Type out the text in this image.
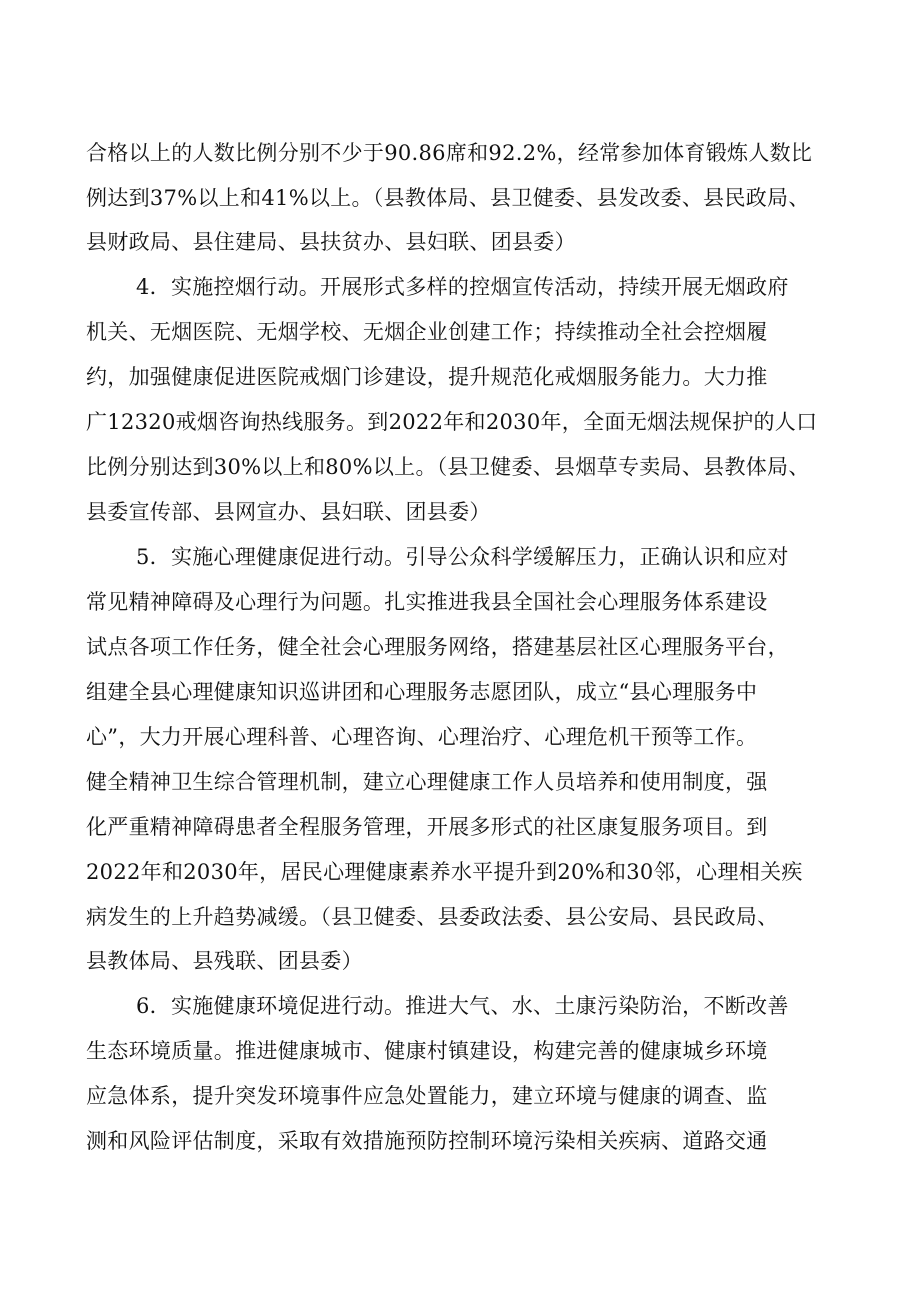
合格以上的人数比例分别不少于90.86席和92.2%，经常参加体育锻炼人数比
例达到37%以上和41%以上。（县教体局、县卫健委、县发改委、县民政局、
县财政局、县住建局、县扶贫办、县妇联、团县委）
4．实施控烟行动。开展形式多样的控烟宣传活动，持续开展无烟政府
机关、无烟医院、无烟学校、无烟企业创建工作；持续推动全社会控烟履
约，加强健康促进医院戒烟门诊建设，提升规范化戒烟服务能力。大力推
广12320戒烟咨询热线服务。到2022年和2030年，全面无烟法规保护的人口
比例分别达到30%以上和80%以上。（县卫健委、县烟草专卖局、县教体局、
县委宣传部、县网宣办、县妇联、团县委）
5．实施心理健康促进行动。引导公众科学缓解压力，正确认识和应对
常见精神障碍及心理行为问题。扎实推进我县全国社会心理服务体系建设
试点各项工作任务，健全社会心理服务网络，搭建基层社区心理服务平台，
组建全县心理健康知识巡讲团和心理服务志愿团队，成立“县心理服务中
心”，大力开展心理科普、心理咨询、心理治疗、心理危机干预等工作。
健全精神卫生综合管理机制，建立心理健康工作人员培养和使用制度，强
化严重精神障碍患者全程服务管理，开展多形式的社区康复服务项目。到
2022年和2030年，居民心理健康素养水平提升到20%和30邻，心理相关疾
病发生的上升趋势减缓。（县卫健委、县委政法委、县公安局、县民政局、
县教体局、县残联、团县委）
6．实施健康环境促进行动。推进大气、水、土康污染防治，不断改善
生态环境质量。推进健康城市、健康村镇建设，构建完善的健康城乡环境
应急体系，提升突发环境事件应急处置能力，建立环境与健康的调查、监
测和风险评估制度，采取有效措施预防控制环境污染相关疾病、道路交通
